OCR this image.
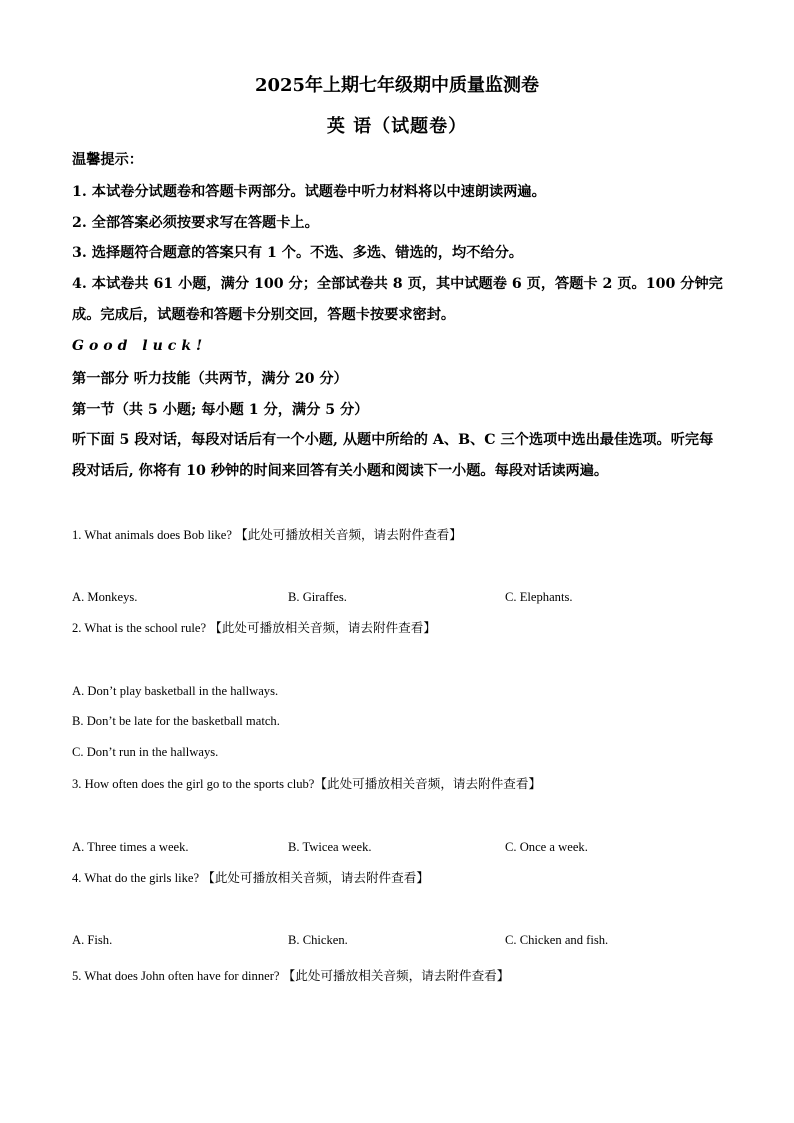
2025年上期七年级期中质量监测卷
英 语（试题卷）
温馨提示：
1. 本试卷分试题卷和答题卡两部分。试题卷中听力材料将以中速朗读两遍。
2. 全部答案必须按要求写在答题卡上。
3. 选择题符合题意的答案只有 1 个。不选、多选、错选的，均不给分。
4. 本试卷共 61 小题，满分 100 分；全部试卷共 8 页，其中试题卷 6 页，答题卡 2 页。100 分钟完成。完成后，试题卷和答题卡分别交回，答题卡按要求密封。
Good luck!
第一部分 听力技能（共两节，满分 20 分）
第一节（共 5 小题; 每小题 1 分，满分 5 分）
听下面 5 段对话，每段对话后有一个小题, 从题中所给的 A、B、C 三个选项中选出最佳选项。听完每段对话后, 你将有 10 秒钟的时间来回答有关小题和阅读下一小题。每段对话读两遍。
1. What animals does Bob like? 【此处可播放相关音频，请去附件查看】
A. Monkeys.	B. Giraffes.	C. Elephants.
2. What is the school rule? 【此处可播放相关音频，请去附件查看】
A. Don’t play basketball in the hallways.
B. Don’t be late for the basketball match.
C. Don’t run in the hallways.
3. How often does the girl go to the sports club?【此处可播放相关音频，请去附件查看】
A. Three times a week.	B. Twicea week.	C. Once a week.
4. What do the girls like? 【此处可播放相关音频，请去附件查看】
A. Fish.	B. Chicken.	C. Chicken and fish.
5. What does John often have for dinner? 【此处可播放相关音频，请去附件查看】
